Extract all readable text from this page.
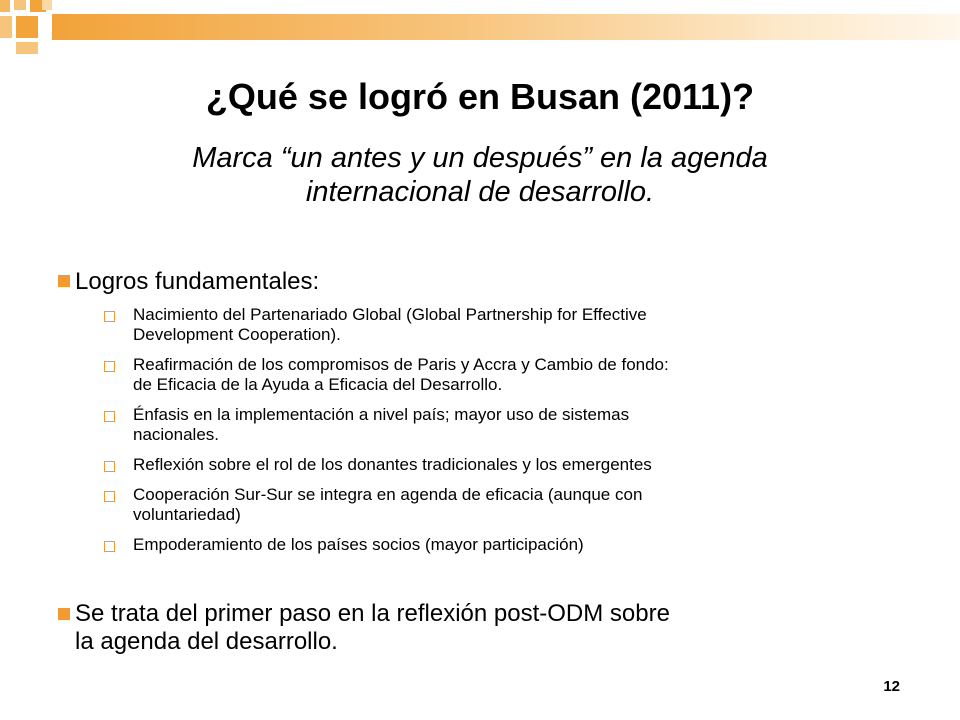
¿Qué se logró en Busan (2011)?
Marca “un antes y un después” en la agenda
internacional de desarrollo.
Logros fundamentales:
Nacimiento del Partenariado Global (Global Partnership for Effective
Development Cooperation).
Reafirmación de los compromisos de Paris y Accra y Cambio de fondo:
de Eficacia de la Ayuda a Eficacia del Desarrollo.
Énfasis en la implementación a nivel país; mayor uso de sistemas
nacionales.
Reflexión sobre el rol de los donantes tradicionales y los emergentes
Cooperación Sur-Sur se integra en agenda de eficacia (aunque con
voluntariedad)
Empoderamiento de los países socios (mayor participación)
Se trata del primer paso en la reflexión post-ODM sobre
la agenda del desarrollo.
12
